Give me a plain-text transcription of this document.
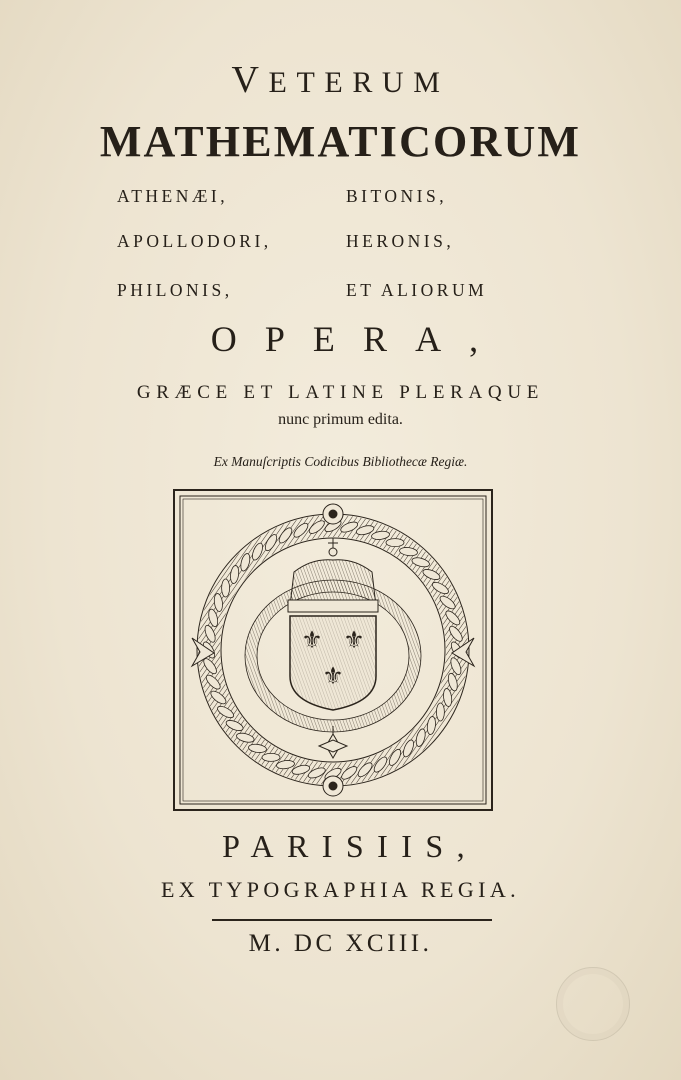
VETERUM
MATHEMATICORUM
ATHENÆI,	BITONIS,
APOLLODORI,	HERONIS,
PHILONIS,	ET ALIORUM
OPERA,
GRÆCE ET LATINE PLERAQUE
nunc primum edita.
Ex Manuſcriptis Codicibus Bibliothecæ Regiæ.
⚜ ⚜
⚜
PARISIIS,
EX TYPOGRAPHIA REGIA.
M. DC XCIII.
